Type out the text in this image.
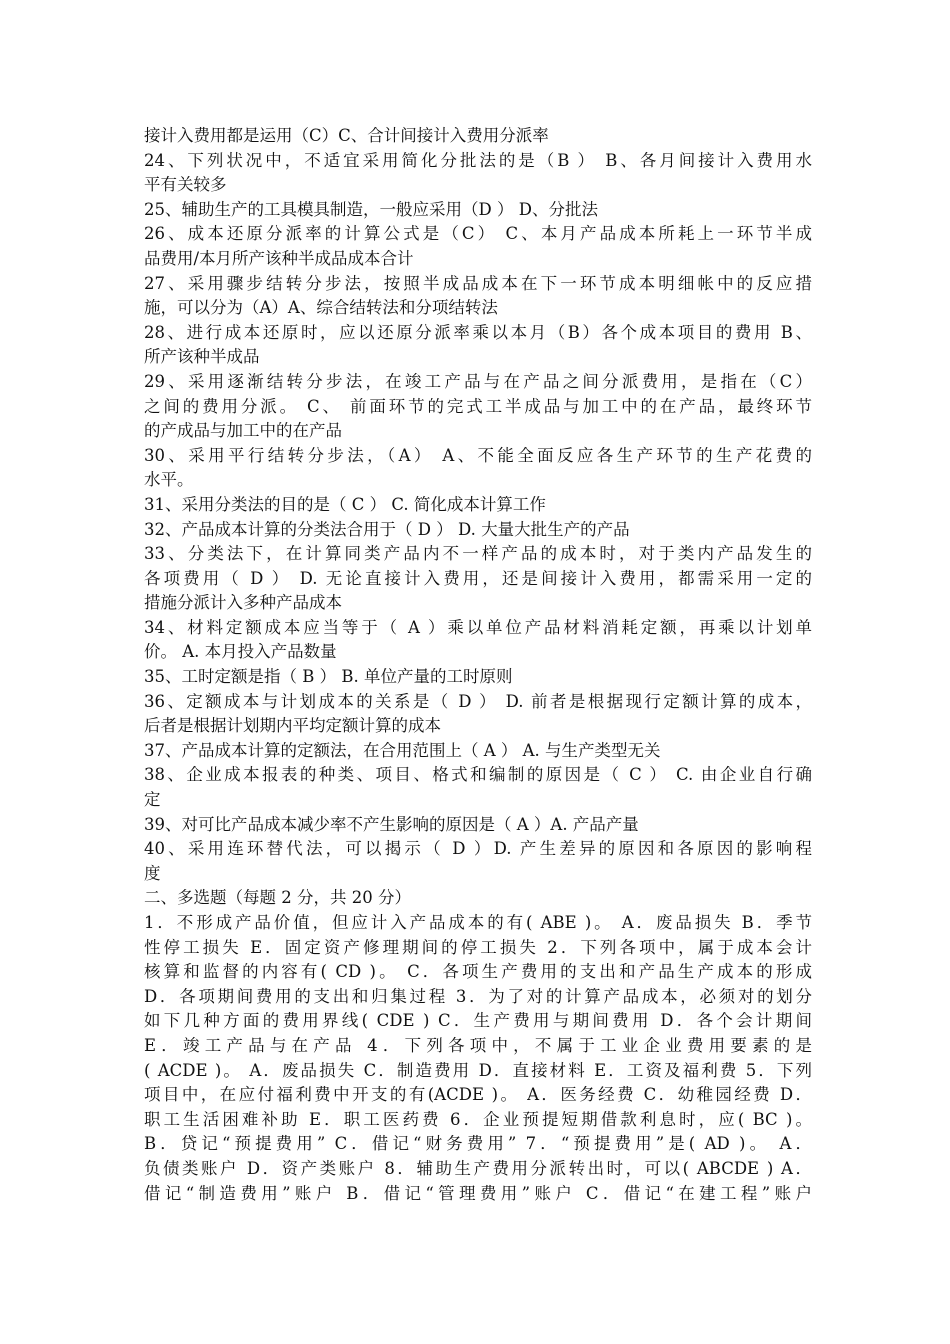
接计入费用都是运用（C）C、合计间接计入费用分派率
24、下列状况中，不适宜采用简化分批法的是（B ） B、各月间接计入费用水
平有关较多
25、辅助生产的工具模具制造，一般应采用（D ） D、分批法
26、成本还原分派率的计算公式是（C） C、本月产品成本所耗上一环节半成
品费用/本月所产该种半成品成本合计
27、采用骤步结转分步法，按照半成品成本在下一环节成本明细帐中的反应措
施，可以分为（A）A、综合结转法和分项结转法
28、进行成本还原时，应以还原分派率乘以本月（B）各个成本项目的费用 B、
所产该种半成品
29、采用逐渐结转分步法，在竣工产品与在产品之间分派费用，是指在（C）
之间的费用分派。 C、 前面环节的完式工半成品与加工中的在产品，最终环节
的产成品与加工中的在产品
30、采用平行结转分步法，（A） A、不能全面反应各生产环节的生产花费的
水平。
31、采用分类法的目的是（ C ） C. 简化成本计算工作
32、产品成本计算的分类法合用于（ D ） D. 大量大批生产的产品
33、分类法下，在计算同类产品内不一样产品的成本时，对于类内产品发生的
各项费用（ D ） D. 无论直接计入费用，还是间接计入费用，都需采用一定的
措施分派计入多种产品成本
34、材料定额成本应当等于（ A ）乘以单位产品材料消耗定额，再乘以计划单
价。 A. 本月投入产品数量
35、工时定额是指（ B ） B. 单位产量的工时原则
36、定额成本与计划成本的关系是（ D ） D. 前者是根据现行定额计算的成本，
后者是根据计划期内平均定额计算的成本
37、产品成本计算的定额法，在合用范围上（ A ） A. 与生产类型无关
38、企业成本报表的种类、项目、格式和编制的原因是（ C ） C. 由企业自行确
定
39、对可比产品成本减少率不产生影响的原因是（ A ）A. 产品产量
40、采用连环替代法，可以揭示（ D ）D. 产生差异的原因和各原因的影响程
度
二、多选题（每题 2 分，共 20 分）
1．不形成产品价值，但应计入产品成本的有( ABE )。 A．废品损失 B．季节
性停工损失 E．固定资产修理期间的停工损失 2．下列各项中，属于成本会计
核算和监督的内容有( CD )。 C．各项生产费用的支出和产品生产成本的形成
D．各项期间费用的支出和归集过程 3．为了对的计算产品成本，必须对的划分
如下几种方面的费用界线( CDE ) C．生产费用与期间费用 D．各个会计期间
E．竣工产品与在产品 4．下列各项中，不属于工业企业费用要素的是
( ACDE )。 A．废品损失 C．制造费用 D．直接材料 E．工资及福利费 5．下列
项目中，在应付福利费中开支的有(ACDE )。 A．医务经费 C．幼稚园经费 D．
职工生活困难补助 E．职工医药费 6．企业预提短期借款利息时，应( BC )。
B．贷记“预提费用” C．借记“财务费用” 7．“预提费用”是( AD )。 A．
负债类账户 D．资产类账户 8．辅助生产费用分派转出时，可以( ABCDE ) A．
借记“制造费用”账户 B．借记“管理费用”账户 C．借记“在建工程”账户
